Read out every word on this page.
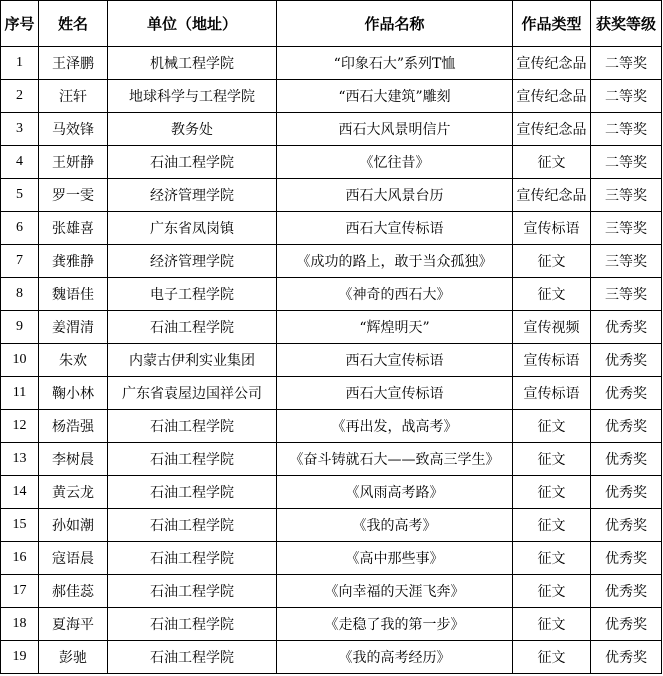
序号	姓名	单位（地址）	作品名称	作品类型	获奖等级
1	王泽鹏	机械工程学院	“印象石大”系列T恤	宣传纪念品	二等奖
2	汪轩	地球科学与工程学院	“西石大建筑”雕刻	宣传纪念品	二等奖
3	马效锋	教务处	西石大风景明信片	宣传纪念品	二等奖
4	王妍静	石油工程学院	《忆往昔》	征文	二等奖
5	罗一雯	经济管理学院	西石大风景台历	宣传纪念品	三等奖
6	张雄喜	广东省凤岗镇	西石大宣传标语	宣传标语	三等奖
7	龚雅静	经济管理学院	《成功的路上，敢于当众孤独》	征文	三等奖
8	魏语佳	电子工程学院	《神奇的西石大》	征文	三等奖
9	姜渭清	石油工程学院	“辉煌明天”	宣传视频	优秀奖
10	朱欢	内蒙古伊利实业集团	西石大宣传标语	宣传标语	优秀奖
11	鞠小林	广东省袁屋边国祥公司	西石大宣传标语	宣传标语	优秀奖
12	杨浩强	石油工程学院	《再出发，战高考》	征文	优秀奖
13	李树晨	石油工程学院	《奋斗铸就石大——致高三学生》	征文	优秀奖
14	黄云龙	石油工程学院	《风雨高考路》	征文	优秀奖
15	孙如潮	石油工程学院	《我的高考》	征文	优秀奖
16	寇语晨	石油工程学院	《高中那些事》	征文	优秀奖
17	郝佳蕊	石油工程学院	《向幸福的天涯飞奔》	征文	优秀奖
18	夏海平	石油工程学院	《走稳了我的第一步》	征文	优秀奖
19	彭驰	石油工程学院	《我的高考经历》	征文	优秀奖
